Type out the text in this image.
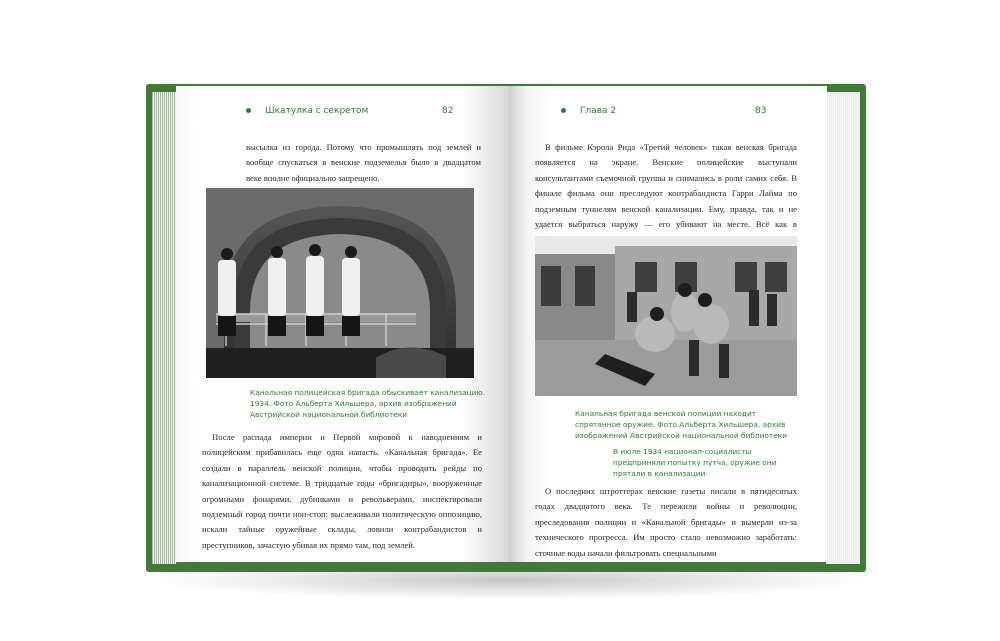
Шкатулка с секретом	82
высылка из города. Потому что промышлять под землей и вообще спускаться в венские подземелья было в двадцатом веке вполне официально запрещено.
Канальная полицейская бригада обыскивает канализацию. 1934. Фото Альберта Хильшера, архив изображений Австрийской национальной библиотеки

После распада империи и Первой мировой к наводнениям и полицейским прибавилась еще одна напасть. «Канальная бригада». Ее создали в параллель венской полиции, чтобы проводить рейды по канализационной системе. В тридцатые годы «бригадиры», вооруженные огромными фонарями, дубинками и револьверами, инспектировали подземный город почти нон-стоп: выслеживали политическую оппозицию, искали тайные оружейные склады, ловили контрабандистов и преступников, зачастую убивая их прямо там, под землей.

Глава 2	83

В фильме Кэрола Рида «Третий человек» такая венская бригада появляется на экране. Венские полицейские выступали консультантами съемочной группы и снимались в роли самих себя. В финале фильма они преследуют контрабандиста Гарри Лайма по подземным туннелям венской канализации. Ему, правда, так и не удается выбраться наружу — его убивают на месте. Всё как в

Канальная бригада венской полиции находит спрятанное оружие. Фото Альберта Хильшера, архив изображений Австрийской национальной библиотеки
В июле 1934 национал-социалисты предприняли попытку путча, оружие они прятали в канализации.

О последних штроттерах венские газеты писали в пятидесятых годах двадцатого века. Те пережили войны и революции, преследования полиции и «Канальной бригады» и вымерли из-за технического прогресса. Им просто стало невозможно заработать: сточные воды начали фильтровать специальными
